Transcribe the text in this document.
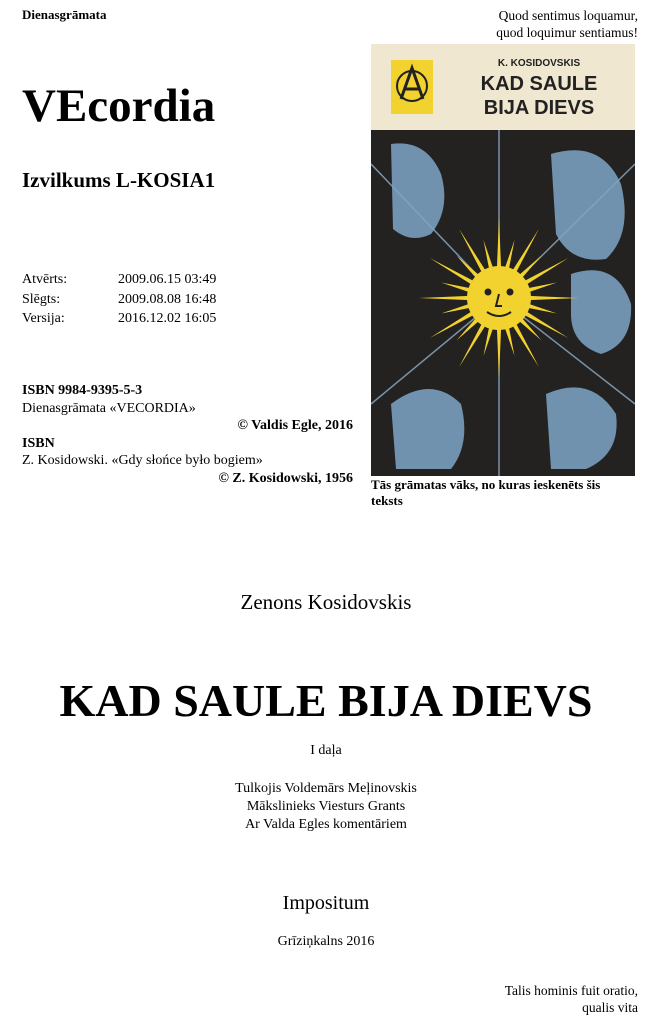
Dienasgrāmata	Quod sentimus loquamur,
quod loquimur sentiamus!
VEcordia
Izvilkums L-KOSIA1
Atvērts:	2009.06.15 03:49
Slēgts:	2009.08.08 16:48
Versija:	2016.12.02 16:05
ISBN 9984-9395-5-3
Dienasgrāmata «VECORDIA»
© Valdis Egle, 2016
ISBN
Z. Kosidowski. «Gdy słońce było bogiem»
© Z. Kosidowski, 1956
K. KOSIDOVSKIS
KAD SAULE
BIJA DIEVS
Tās grāmatas vāks, no kuras ieskenēts šis teksts
Zenons Kosidovskis
KAD SAULE BIJA DIEVS
I daļa
Tulkojis Voldemārs Meļinovskis
Mākslinieks Viesturs Grants
Ar Valda Egles komentāriem
Impositum
Grīziņkalns 2016
Talis hominis fuit oratio,
qualis vita
